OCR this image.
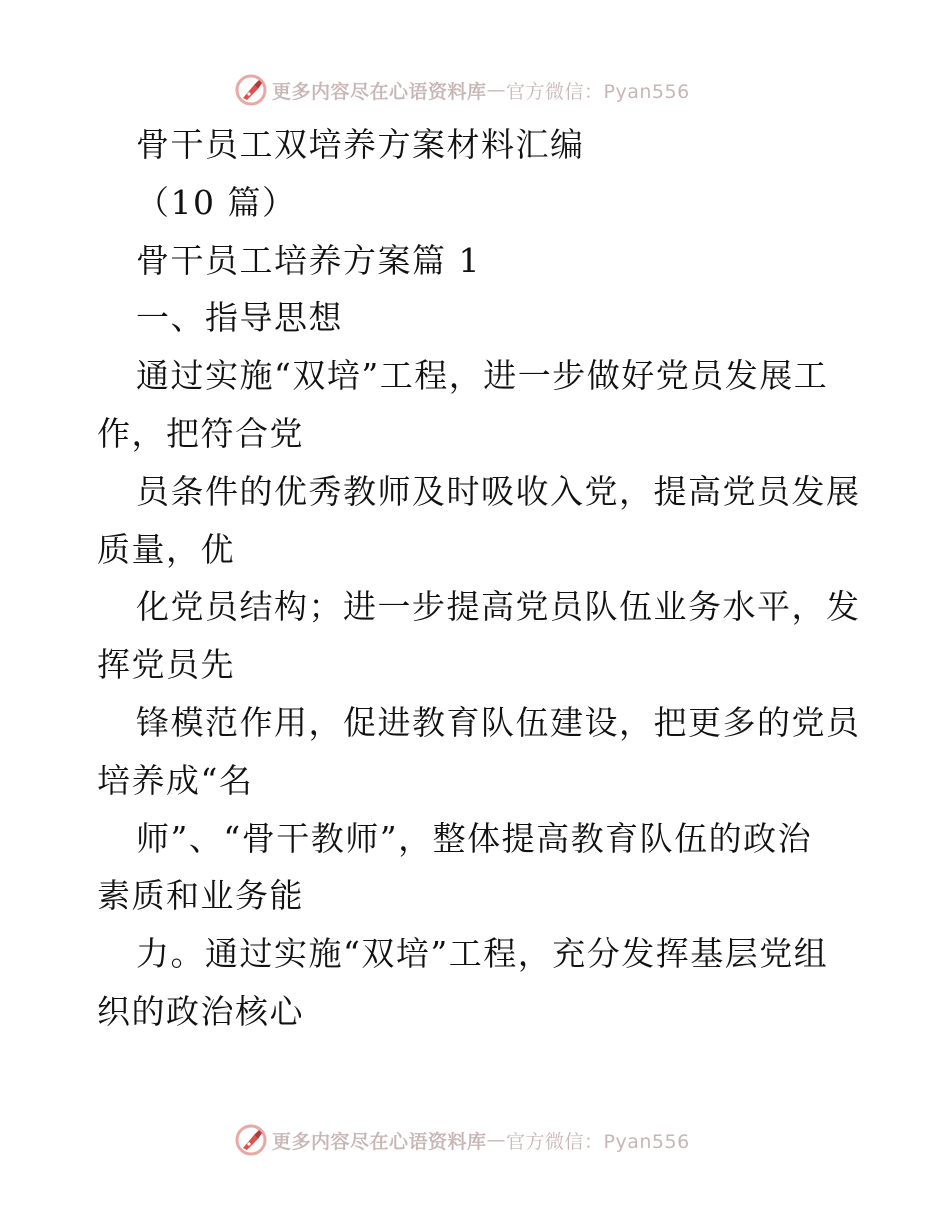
更多内容尽在心语资料库 — 官方微信：Pyan556
骨干员工双培养方案材料汇编
（10 篇）
骨干员工培养方案篇 1
一、指导思想
通过实施“双培”工程，进一步做好党员发展工
作，把符合党
员条件的优秀教师及时吸收入党，提高党员发展
质量，优
化党员结构；进一步提高党员队伍业务水平，发
挥党员先
锋模范作用，促进教育队伍建设，把更多的党员
培养成“名
师”、“骨干教师”，整体提高教育队伍的政治
素质和业务能
力。通过实施“双培”工程，充分发挥基层党组
织的政治核心
更多内容尽在心语资料库 — 官方微信：Pyan556
